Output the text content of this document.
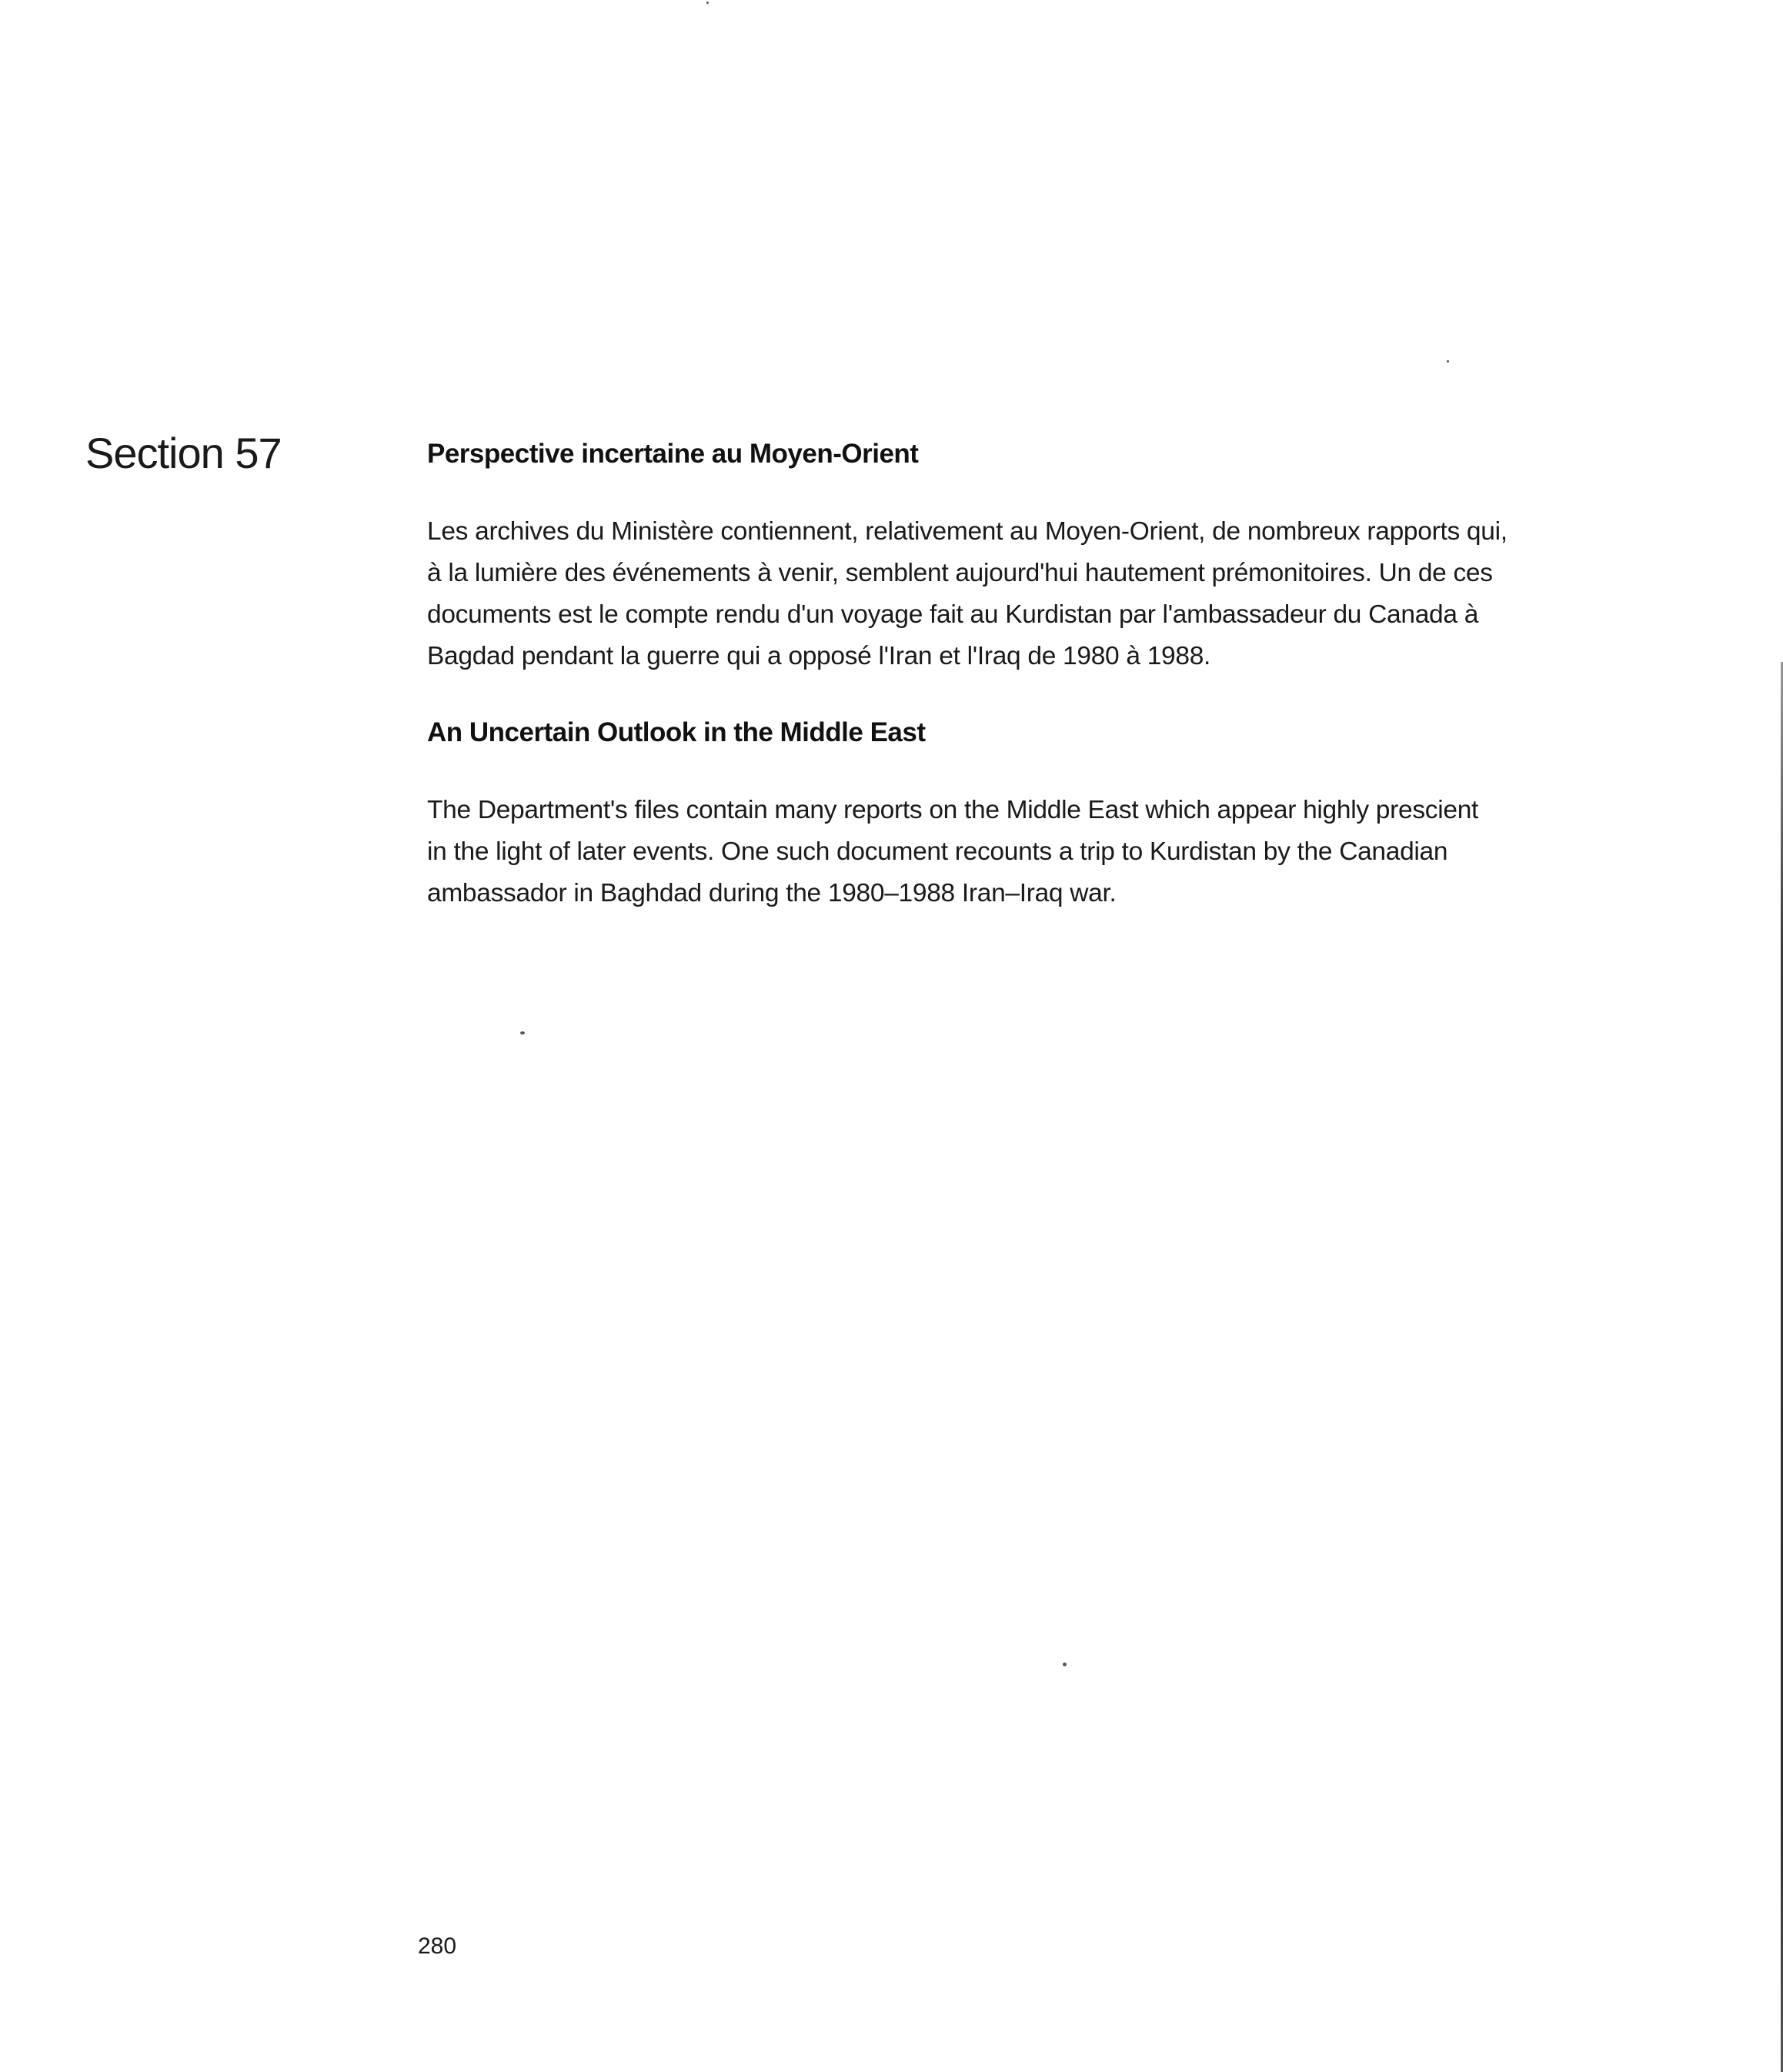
Section 57	Perspective incertaine au Moyen-Orient

Les archives du Ministère contiennent, relativement au Moyen-Orient, de nombreux rapports qui,
à la lumière des événements à venir, semblent aujourd'hui hautement prémonitoires. Un de ces
documents est le compte rendu d'un voyage fait au Kurdistan par l'ambassadeur du Canada à
Bagdad pendant la guerre qui a opposé l'Iran et l'Iraq de 1980 à 1988.

An Uncertain Outlook in the Middle East

The Department's files contain many reports on the Middle East which appear highly prescient
in the light of later events. One such document recounts a trip to Kurdistan by the Canadian
ambassador in Baghdad during the 1980–1988 Iran–Iraq war.

280
